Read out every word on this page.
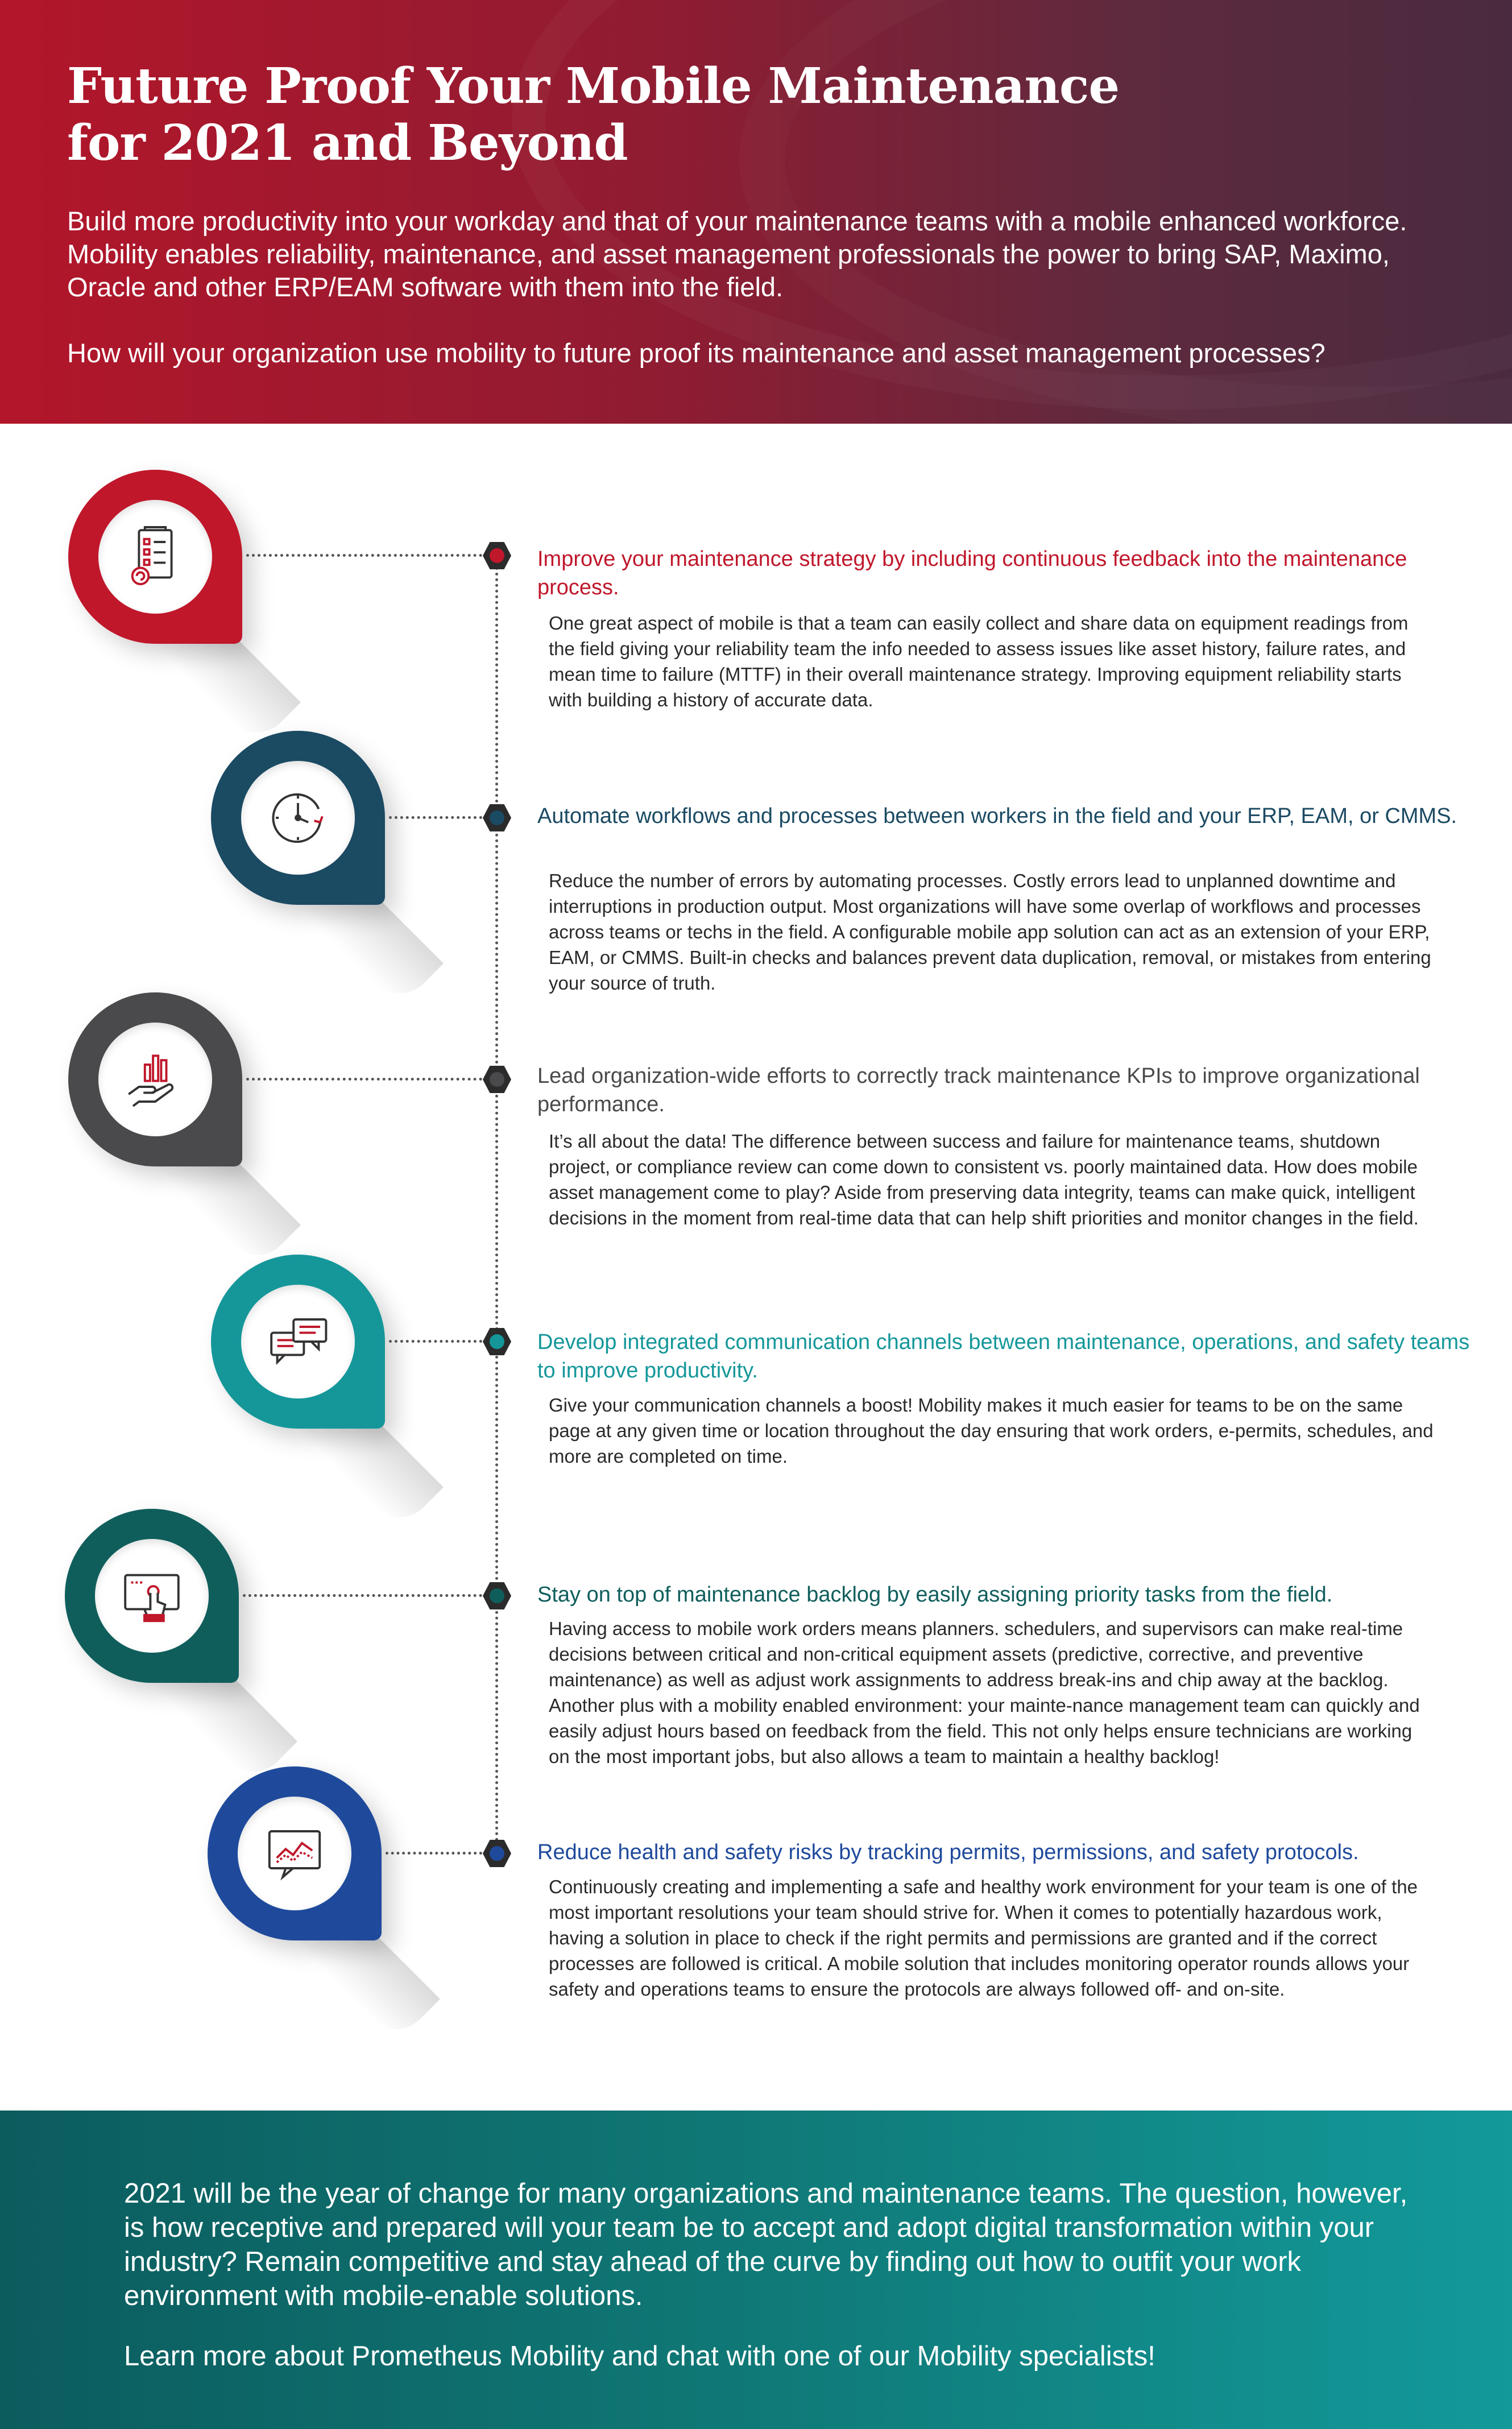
Future Proof Your Mobile Maintenance
for 2021 and Beyond

Build more productivity into your workday and that of your maintenance teams with a mobile enhanced workforce. Mobility enables reliability, maintenance, and asset management professionals the power to bring SAP, Maximo, Oracle and other ERP/EAM software with them into the field.

How will your organization use mobility to future proof its maintenance and asset management processes?

Improve your maintenance strategy by including continuous feedback into the maintenance process.

One great aspect of mobile is that a team can easily collect and share data on equipment readings from the field giving your reliability team the info needed to assess issues like asset history, failure rates, and mean time to failure (MTTF) in their overall maintenance strategy. Improving equipment reliability starts with building a history of accurate data.

Automate workflows and processes between workers in the field and your ERP, EAM, or CMMS.

Reduce the number of errors by automating processes. Costly errors lead to unplanned downtime and interruptions in production output. Most organizations will have some overlap of workflows and processes across teams or techs in the field. A configurable mobile app solution can act as an extension of your ERP, EAM, or CMMS. Built-in checks and balances prevent data duplication, removal, or mistakes from entering your source of truth.

Lead organization-wide efforts to correctly track maintenance KPIs to improve organizational performance.

It’s all about the data! The difference between success and failure for maintenance teams, shutdown project, or compliance review can come down to consistent vs. poorly maintained data. How does mobile asset management come to play? Aside from preserving data integrity, teams can make quick, intelligent decisions in the moment from real-time data that can help shift priorities and monitor changes in the field.

Develop integrated communication channels between maintenance, operations, and safety teams to improve productivity.

Give your communication channels a boost! Mobility makes it much easier for teams to be on the same page at any given time or location throughout the day ensuring that work orders, e-permits, schedules, and more are completed on time.

Stay on top of maintenance backlog by easily assigning priority tasks from the field.

Having access to mobile work orders means planners. schedulers, and supervisors can make real-time decisions between critical and non-critical equipment assets (predictive, corrective, and preventive maintenance) as well as adjust work assignments to address break-ins and chip away at the backlog. Another plus with a mobility enabled environment: your mainte-nance management team can quickly and easily adjust hours based on feedback from the field. This not only helps ensure technicians are working on the most important jobs, but also allows a team to maintain a healthy backlog!

Reduce health and safety risks by tracking permits, permissions, and safety protocols.

Continuously creating and implementing a safe and healthy work environment for your team is one of the most important resolutions your team should strive for. When it comes to potentially hazardous work, having a solution in place to check if the right permits and permissions are granted and if the correct processes are followed is critical. A mobile solution that includes monitoring operator rounds allows your safety and operations teams to ensure the protocols are always followed off- and on-site.

2021 will be the year of change for many organizations and maintenance teams. The question, however, is how receptive and prepared will your team be to accept and adopt digital transformation within your industry? Remain competitive and stay ahead of the curve by finding out how to outfit your work environment with mobile-enable solutions.

Learn more about Prometheus Mobility and chat with one of our Mobility specialists!
